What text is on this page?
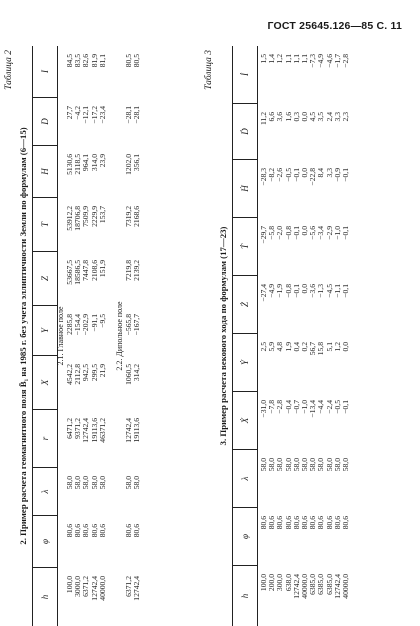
ГОСТ 25645.126—85 С. 11
Таблица 2
2. Пример расчета геомагнитного поля B̄₁ на 1985 г. без учета эллиптичности Земли по формулам (6—15)
h
φ
λ
r
X
Y
Z
T
H
D
I
2.1. Главное поле
100,0
80,6
58,0
6471,2
4542,2
2285,8
53667,5
53912,2
5130,6
27,7
84,5
3000,0
80,6
58,0
9371,2
2112,8
−154,4
18586,5
18706,8
2118,5
−4,2
83,5
6371,2
80,6
58,0
12742,4
942,5
−202,9
7447,8
7509,9
964,1
−12,1
82,6
12742,4
80,6
58,0
19113,6
299,5
−91,1
2108,6
2229,9
314,0
−17,2
81,9
40000,0
80,6
58,0
46371,2
21,9
−9,5
151,9
153,7
23,9
−23,4
81,1
2.2. Дипольное поле
6371,2
80,6
58,0
12742,4
1060,5
−565,8
7219,8
7319,2
1202,0
−28,1
80,5
12742,4
80,6
58,0
19113,6
314,2
−167,7
2139,2
2168,6
356,1
−28,1
80,5	Таблица 3
3. Пример расчета векового хода по формулам (17—23)
h
φ
λ
Ẋ
Ẏ
Ż
Ṫ
Ḣ
Ḋ
İ
100,0
80,6
58,0
−31,0
2,5
−27,4
−29,7
−28,3
11,2
1,5
200,0
80,6
58,0
−7,8
5,9
−4,9
−5,8
−8,2
6,6
1,4
300,0
80,6
58,0
−2,8
4,8
−1,9
−2,0
−2,6
3,6
1,2
638,0
80,6
58,0
−0,4
1,9
−0,8
−0,8
−0,5
1,6
1,1
12742,4
80,6
58,0
−0,7
0,4
−0,1
−0,1
−0,1
0,3
1,1
40000,0
80,6
58,0
−1,0
0,2
0,0
0,0
0,0
0,0
1,1
6385,0
80,6
58,0
−13,4
56,7
−3,6
−5,6
−22,8
4,5
−7,3
6385,0
80,6
58,0
−4,4
15,8
−1,3
−3,4
8,4
3,5
−4,9
6385,0
80,6
58,0
−2,4
5,1
−4,5
−2,9
3,3
2,4
−4,6
12742,4
80,6
58,0
−0,5
1,2
−1,1
−1,0
−0,9
3,3
−1,7
40000,0
80,6
58,0
−0,1
0,0
−0,1
−0,1
−0,1
2,3
−2,8
